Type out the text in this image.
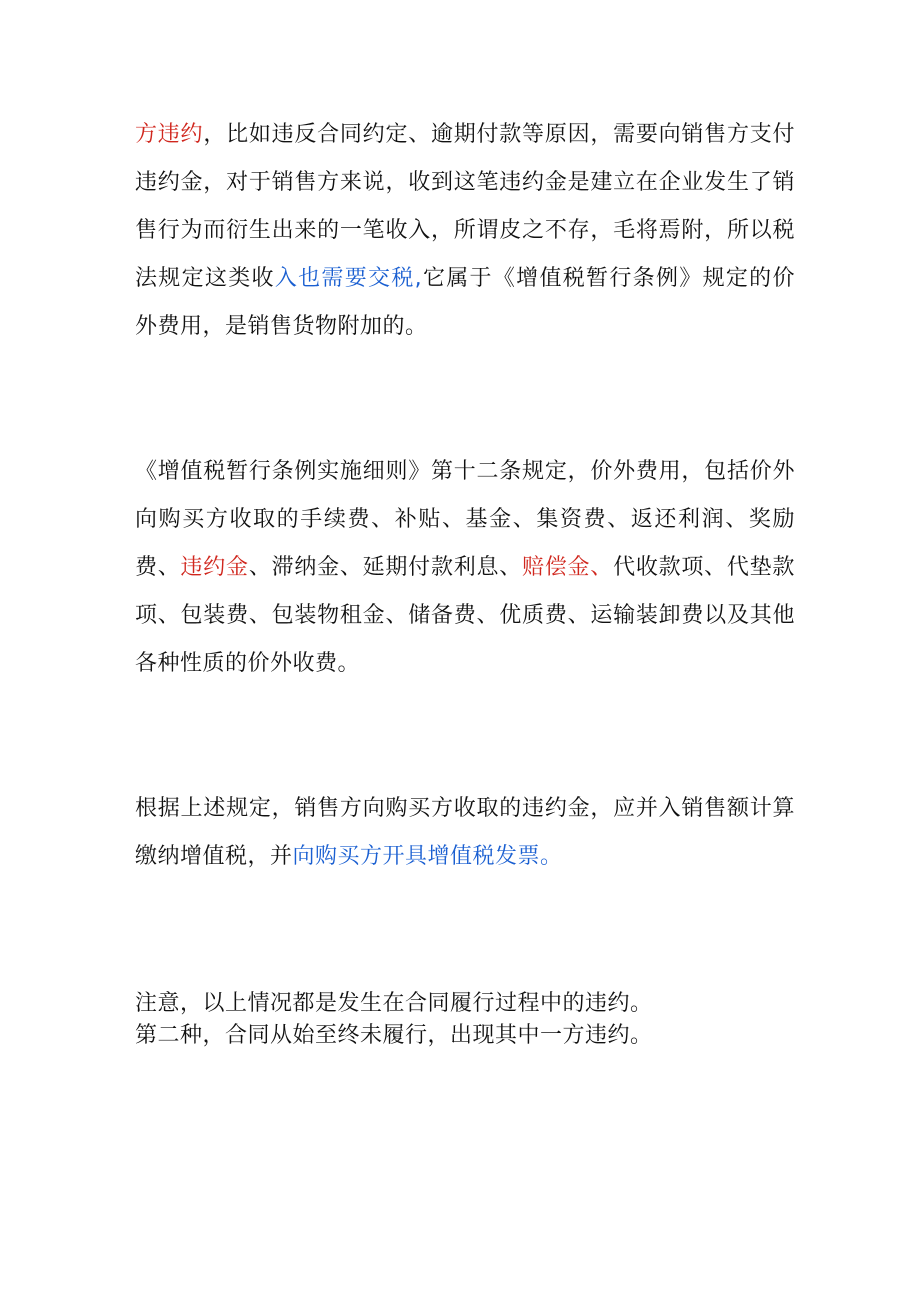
方违约，比如违反合同约定、逾期付款等原因，需要向销售方支付违约金，对于销售方来说，收到这笔违约金是建立在企业发生了销售行为而衍生出来的一笔收入，所谓皮之不存，毛将焉附，所以税法规定这类收入也需要交税,它属于《增值税暂行条例》规定的价外费用，是销售货物附加的。

《增值税暂行条例实施细则》第十二条规定，价外费用，包括价外向购买方收取的手续费、补贴、基金、集资费、返还利润、奖励费、违约金、滞纳金、延期付款利息、赔偿金、代收款项、代垫款项、包装费、包装物租金、储备费、优质费、运输装卸费以及其他各种性质的价外收费。

根据上述规定，销售方向购买方收取的违约金，应并入销售额计算缴纳增值税，并向购买方开具增值税发票。

注意，以上情况都是发生在合同履行过程中的违约。
第二种，合同从始至终未履行，出现其中一方违约。
